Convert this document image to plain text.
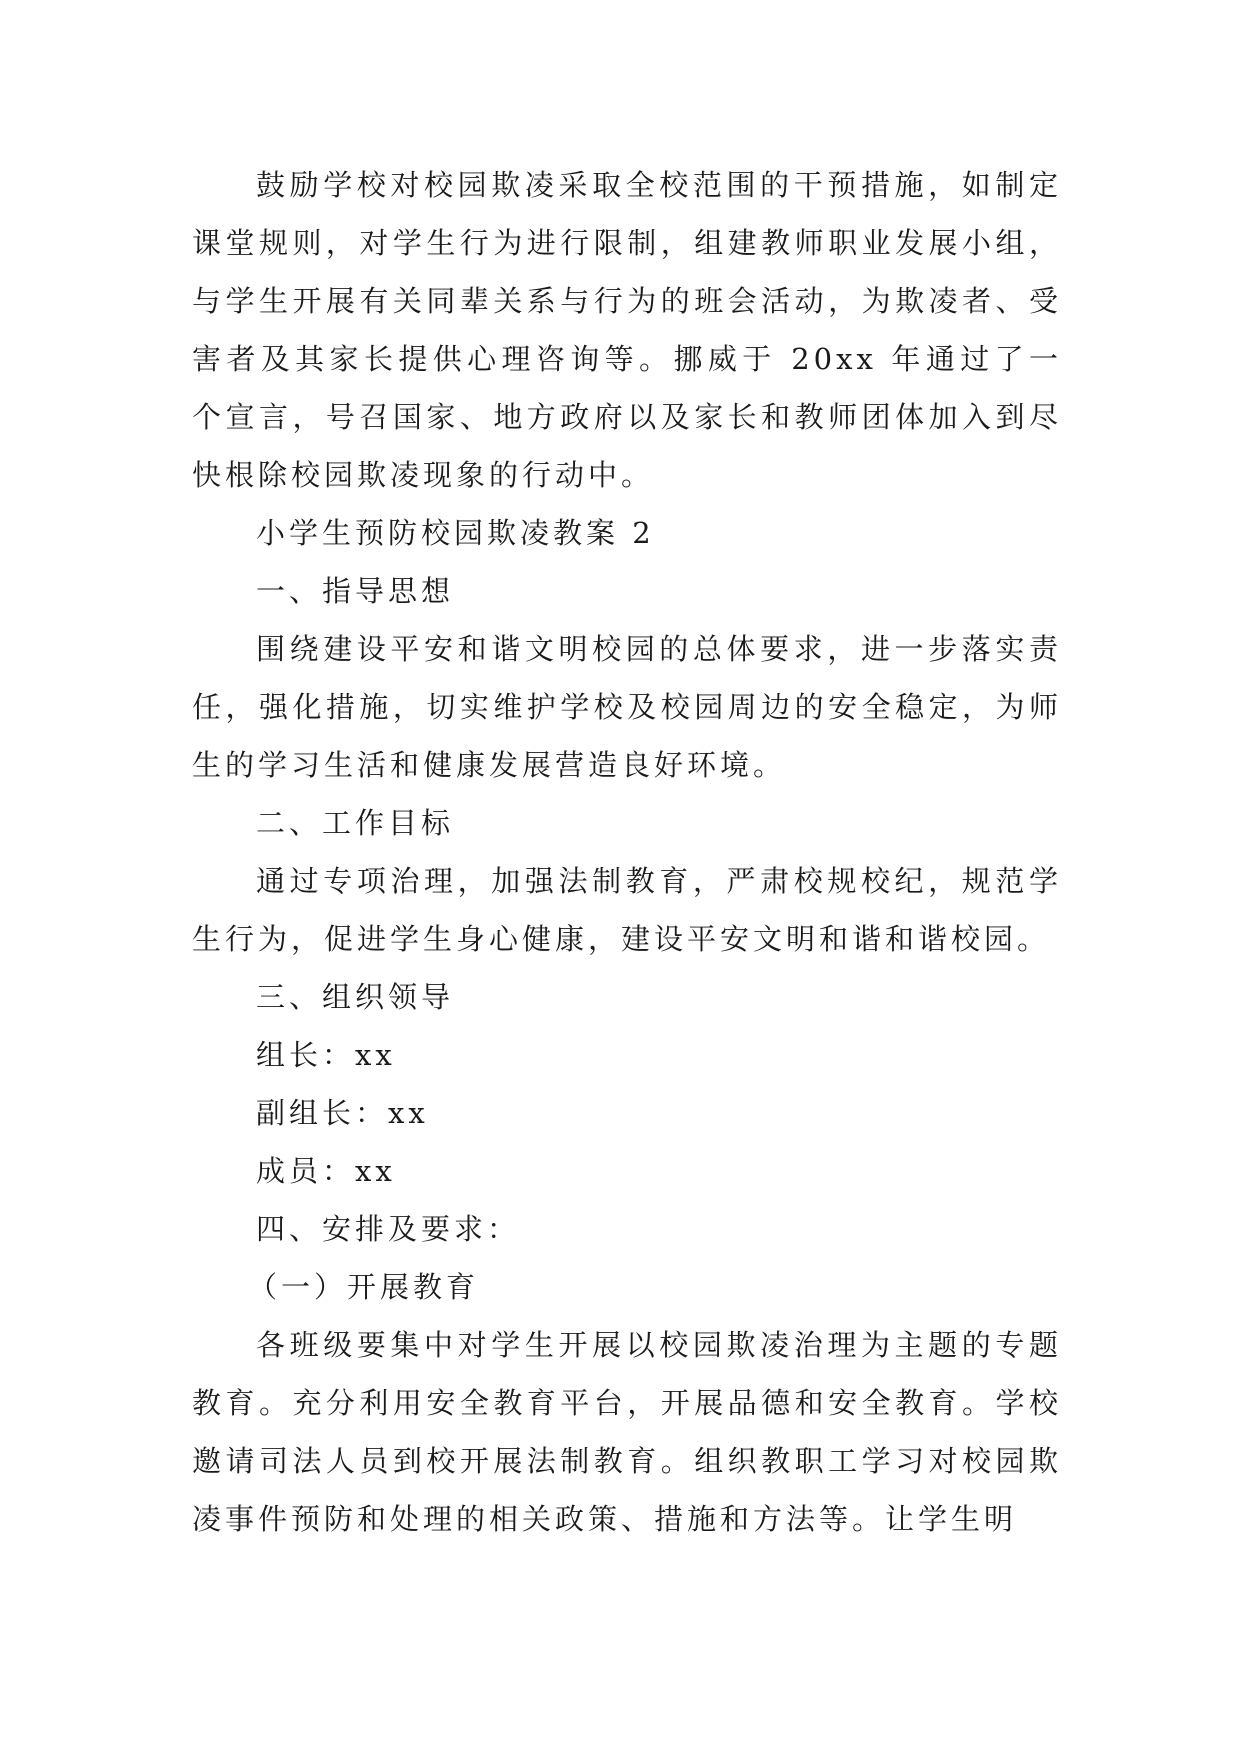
鼓励学校对校园欺凌采取全校范围的干预措施，如制定课堂规则，对学生行为进行限制，组建教师职业发展小组，与学生开展有关同辈关系与行为的班会活动，为欺凌者、受害者及其家长提供心理咨询等。挪威于 20xx 年通过了一个宣言，号召国家、地方政府以及家长和教师团体加入到尽快根除校园欺凌现象的行动中。

小学生预防校园欺凌教案 2

一、指导思想

围绕建设平安和谐文明校园的总体要求，进一步落实责任，强化措施，切实维护学校及校园周边的安全稳定，为师生的学习生活和健康发展营造良好环境。

二、工作目标

通过专项治理，加强法制教育，严肃校规校纪，规范学生行为，促进学生身心健康，建设平安文明和谐和谐校园。

三、组织领导

组长：xx

副组长：xx

成员：xx

四、安排及要求：

（一）开展教育

各班级要集中对学生开展以校园欺凌治理为主题的专题教育。充分利用安全教育平台，开展品德和安全教育。学校邀请司法人员到校开展法制教育。组织教职工学习对校园欺凌事件预防和处理的相关政策、措施和方法等。让学生明
